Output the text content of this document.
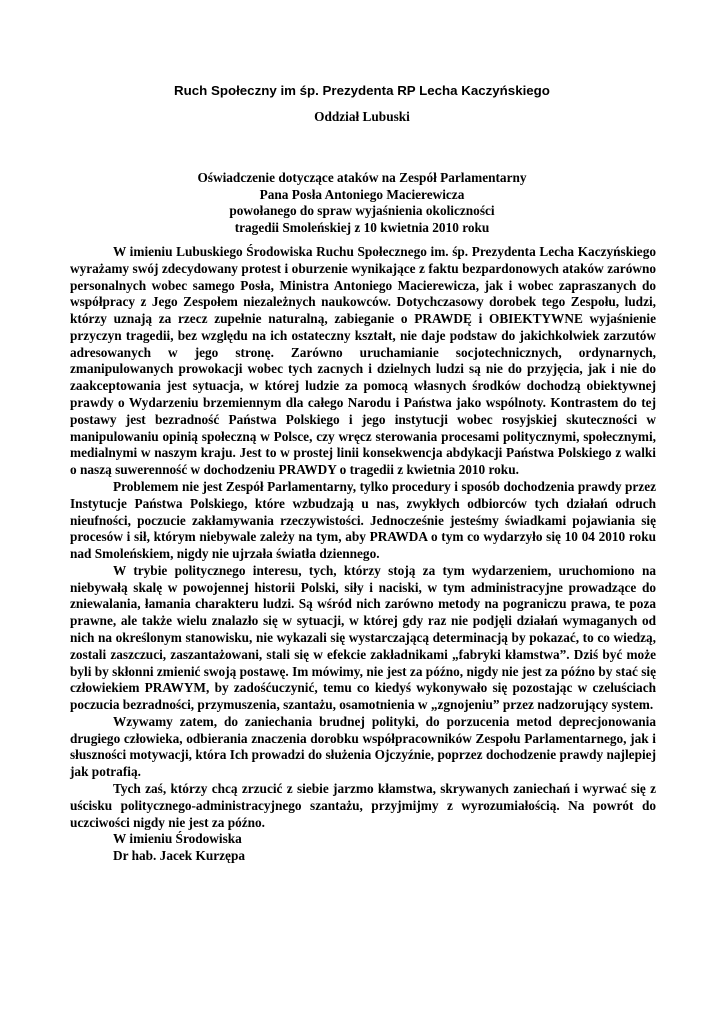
Ruch Społeczny im śp. Prezydenta RP Lecha Kaczyńskiego
Oddział Lubuski
Oświadczenie dotyczące ataków na Zespół Parlamentarny
Pana Posła Antoniego Macierewicza
powołanego do spraw wyjaśnienia okoliczności
tragedii Smoleńskiej z 10 kwietnia 2010 roku

W imieniu Lubuskiego Środowiska Ruchu Społecznego im. śp. Prezydenta Lecha Kaczyńskiego wyrażamy swój zdecydowany protest i oburzenie wynikające z faktu bezpardonowych ataków zarówno personalnych wobec samego Posła, Ministra Antoniego Macierewicza, jak i wobec zapraszanych do współpracy z Jego Zespołem niezależnych naukowców. Dotychczasowy dorobek tego Zespołu, ludzi, którzy uznają za rzecz zupełnie naturalną, zabieganie o PRAWDĘ i OBIEKTYWNE wyjaśnienie przyczyn tragedii, bez względu na ich ostateczny kształt, nie daje podstaw do jakichkolwiek zarzutów adresowanych w jego stronę. Zarówno uruchamianie socjotechnicznych, ordynarnych, zmanipulowanych prowokacji wobec tych zacnych i dzielnych ludzi są nie do przyjęcia, jak i nie do zaakceptowania jest sytuacja, w której ludzie za pomocą własnych środków dochodzą obiektywnej prawdy o Wydarzeniu brzemiennym dla całego Narodu i Państwa jako wspólnoty. Kontrastem do tej postawy jest bezradność Państwa Polskiego i jego instytucji wobec rosyjskiej skuteczności w manipulowaniu opinią społeczną w Polsce, czy wręcz sterowania procesami politycznymi, społecznymi, medialnymi w naszym kraju. Jest to w prostej linii konsekwencja abdykacji Państwa Polskiego z walki o naszą suwerenność w dochodzeniu PRAWDY o tragedii z kwietnia 2010 roku.

Problemem nie jest Zespół Parlamentarny, tylko procedury i sposób dochodzenia prawdy przez Instytucje Państwa Polskiego, które wzbudzają u nas, zwykłych odbiorców tych działań odruch nieufności, poczucie zakłamywania rzeczywistości. Jednocześnie jesteśmy świadkami pojawiania się procesów i sił, którym niebywale zależy na tym, aby PRAWDA o tym co wydarzyło się 10 04 2010 roku nad Smoleńskiem, nigdy nie ujrzała światła dziennego.

W trybie politycznego interesu, tych, którzy stoją za tym wydarzeniem, uruchomiono na niebywałą skalę w powojennej historii Polski, siły i naciski, w tym administracyjne prowadzące do zniewalania, łamania charakteru ludzi. Są wśród nich zarówno metody na pograniczu prawa, te poza prawne, ale także wielu znalazło się w sytuacji, w której gdy raz nie podjęli działań wymaganych od nich na określonym stanowisku, nie wykazali się wystarczającą determinacją by pokazać, to co wiedzą, zostali zaszczuci, zaszantażowani, stali się w efekcie zakładnikami „fabryki kłamstwa”. Dziś być może byli by skłonni zmienić swoją postawę. Im mówimy, nie jest za późno, nigdy nie jest za późno by stać się człowiekiem PRAWYM, by zadośćuczynić, temu co kiedyś wykonywało się pozostając w czeluściach poczucia bezradności, przymuszenia, szantażu, osamotnienia w „zgnojeniu” przez nadzorujący system.

Wzywamy zatem, do zaniechania brudnej polityki, do porzucenia metod deprecjonowania drugiego człowieka, odbierania znaczenia dorobku współpracowników Zespołu Parlamentarnego, jak i słuszności motywacji, która Ich prowadzi do służenia Ojczyźnie, poprzez dochodzenie prawdy najlepiej jak potrafią.

Tych zaś, którzy chcą zrzucić z siebie jarzmo kłamstwa, skrywanych zaniechań i wyrwać się z uścisku politycznego-administracyjnego szantażu, przyjmijmy z wyrozumiałością. Na powrót do uczciwości nigdy nie jest za późno.

W imieniu Środowiska
Dr hab. Jacek Kurzępa
